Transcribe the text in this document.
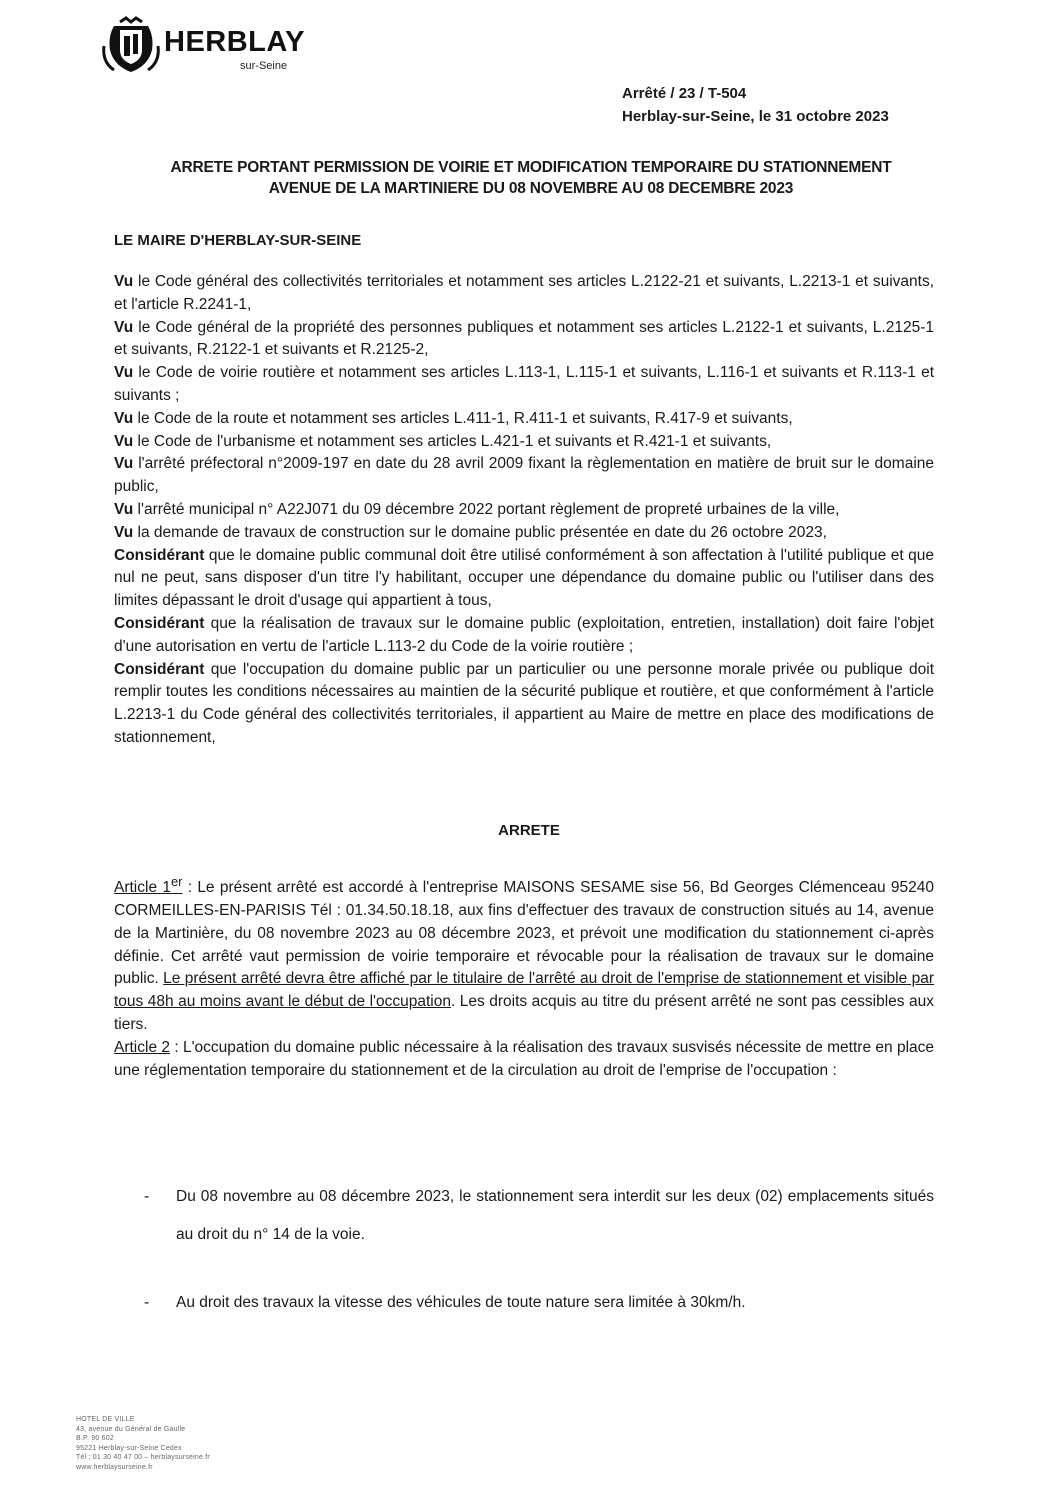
HERBLAY
sur-Seine
Arrêté / 23 / T-504
Herblay-sur-Seine, le 31 octobre 2023
ARRETE PORTANT PERMISSION DE VOIRIE ET MODIFICATION TEMPORAIRE DU STATIONNEMENT
AVENUE DE LA MARTINIERE DU 08 NOVEMBRE AU 08 DECEMBRE 2023
LE MAIRE D'HERBLAY-SUR-SEINE

Vu le Code général des collectivités territoriales et notamment ses articles L.2122-21 et suivants, L.2213-1 et suivants, et l'article R.2241-1,

Vu le Code général de la propriété des personnes publiques et notamment ses articles L.2122-1 et suivants, L.2125-1 et suivants, R.2122-1 et suivants et R.2125-2,

Vu le Code de voirie routière et notamment ses articles L.113-1, L.115-1 et suivants, L.116-1 et suivants et R.113-1 et suivants ;

Vu le Code de la route et notamment ses articles L.411-1, R.411-1 et suivants, R.417-9 et suivants,

Vu le Code de l'urbanisme et notamment ses articles L.421-1 et suivants et R.421-1 et suivants,

Vu l'arrêté préfectoral n°2009-197 en date du 28 avril 2009 fixant la règlementation en matière de bruit sur le domaine public,

Vu l'arrêté municipal n° A22J071 du 09 décembre 2022 portant règlement de propreté urbaines de la ville,

Vu la demande de travaux de construction sur le domaine public présentée en date du 26 octobre 2023,

Considérant que le domaine public communal doit être utilisé conformément à son affectation à l'utilité publique et que nul ne peut, sans disposer d'un titre l'y habilitant, occuper une dépendance du domaine public ou l'utiliser dans des limites dépassant le droit d'usage qui appartient à tous,

Considérant que la réalisation de travaux sur le domaine public (exploitation, entretien, installation) doit faire l'objet d'une autorisation en vertu de l'article L.113-2 du Code de la voirie routière ;

Considérant que l'occupation du domaine public par un particulier ou une personne morale privée ou publique doit remplir toutes les conditions nécessaires au maintien de la sécurité publique et routière, et que conformément à l'article L.2213-1 du Code général des collectivités territoriales, il appartient au Maire de mettre en place des modifications de stationnement,

ARRETE

Article 1er : Le présent arrêté est accordé à l'entreprise MAISONS SESAME sise 56, Bd Georges Clémenceau 95240 CORMEILLES-EN-PARISIS Tél : 01.34.50.18.18, aux fins d'effectuer des travaux de construction situés au 14, avenue de la Martinière, du 08 novembre 2023 au 08 décembre 2023, et prévoit une modification du stationnement ci-après définie. Cet arrêté vaut permission de voirie temporaire et révocable pour la réalisation de travaux sur le domaine public. Le présent arrêté devra être affiché par le titulaire de l'arrêté au droit de l'emprise de stationnement et visible par tous 48h au moins avant le début de l'occupation. Les droits acquis au titre du présent arrêté ne sont pas cessibles aux tiers.

Article 2 : L'occupation du domaine public nécessaire à la réalisation des travaux susvisés nécessite de mettre en place une réglementation temporaire du stationnement et de la circulation au droit de l'emprise de l'occupation :

- Du 08 novembre au 08 décembre 2023, le stationnement sera interdit sur les deux (02) emplacements situés au droit du n° 14 de la voie.
- Au droit des travaux la vitesse des véhicules de toute nature sera limitée à 30km/h.
HOTEL DE VILLE
43, avenue du Général de Gaulle
B.P. 90 602
95221 Herblay-sur-Seine Cedex
Tél : 01 30 40 47 00 – herblaysurseine.fr
www.herblaysurseine.fr
